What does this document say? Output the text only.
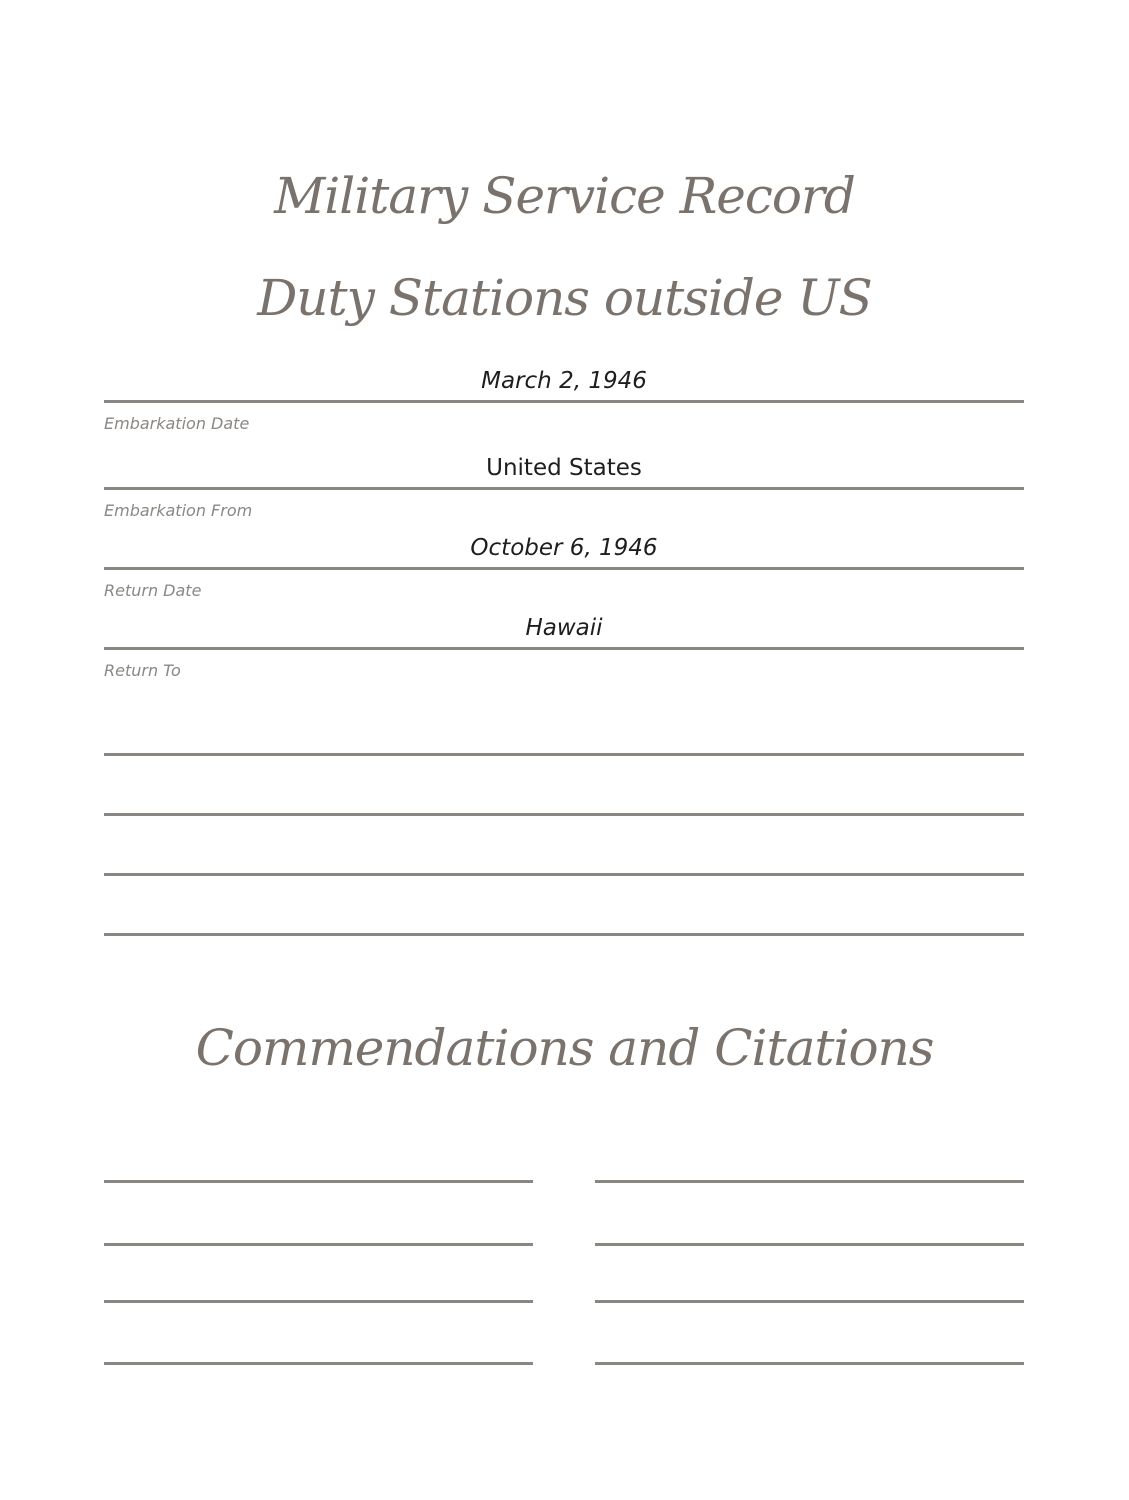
Military Service Record
Duty Stations outside US
March 2, 1946
Embarkation Date
United States
Embarkation From
October 6, 1946
Return Date
Hawaii
Return To
Commendations and Citations
